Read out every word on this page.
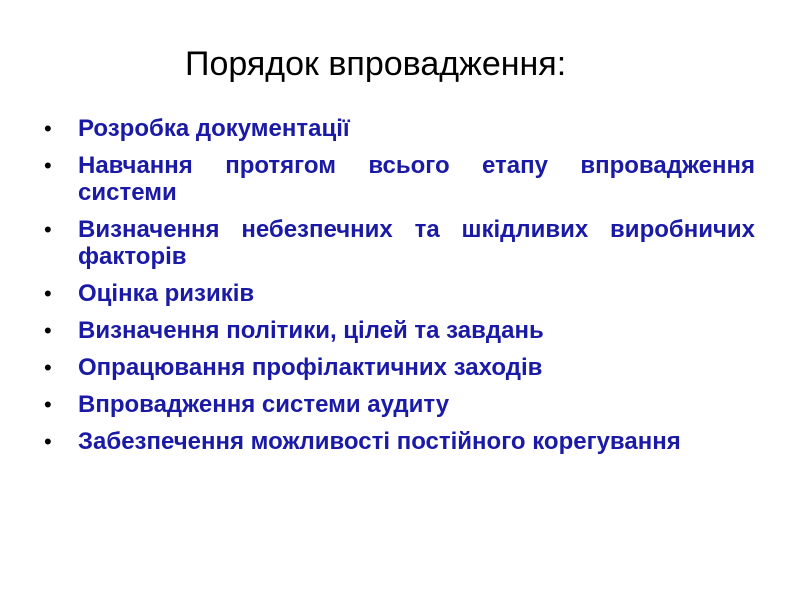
Порядок впровадження:
• Розробка документації
• Навчання протягом всього етапу впровадження системи
• Визначення небезпечних та шкідливих виробничих факторів
• Оцінка ризиків
• Визначення політики, цілей та завдань
• Опрацювання профілактичних заходів
• Впровадження системи аудиту
• Забезпечення можливості постійного корегування
